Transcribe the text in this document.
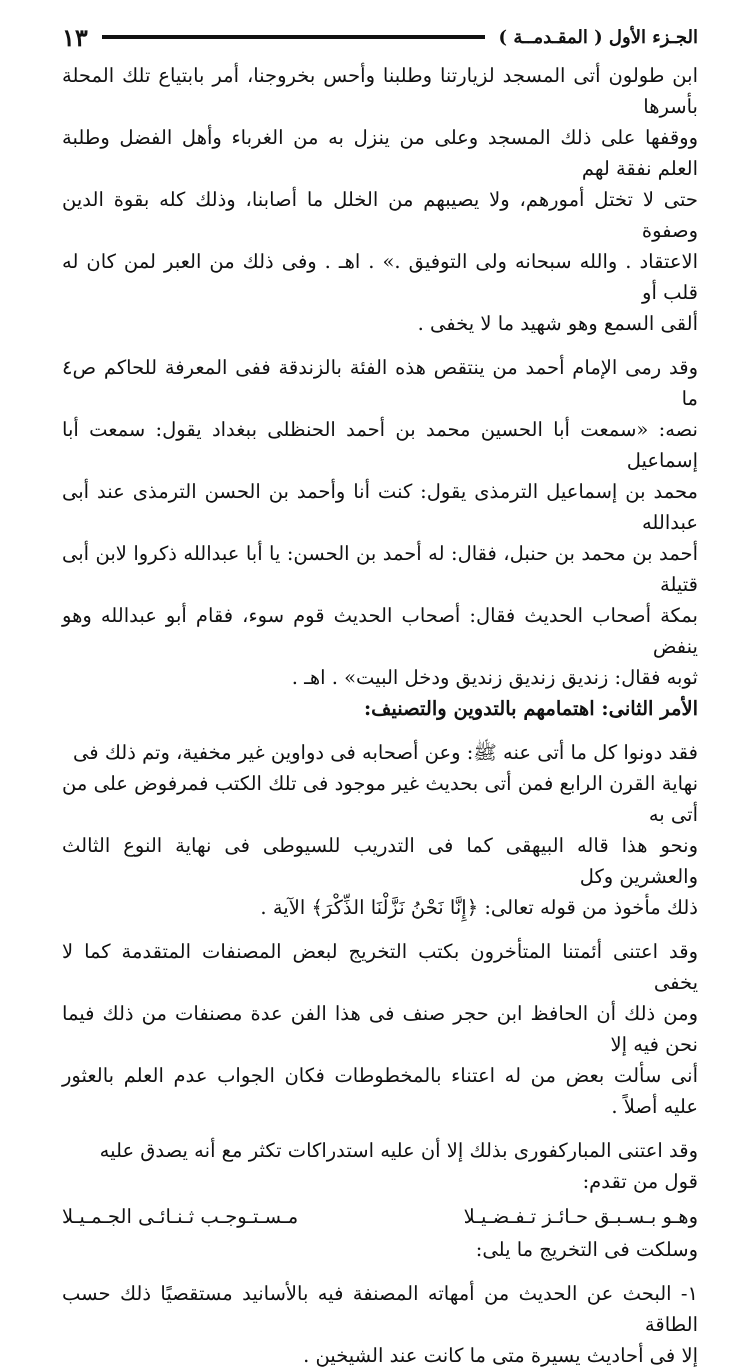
الجـزء الأول ( المقـدمــة )
١٣

ابن طولون أتى المسجد لزيارتنا وطلبنا وأحس بخروجنا، أمر بابتياع تلك المحلة بأسرها
ووقفها على ذلك المسجد وعلى من ينزل به من الغرباء وأهل الفضل وطلبة العلم نفقة لهم
حتى لا تختل أمورهم، ولا يصيبهم من الخلل ما أصابنا، وذلك كله بقوة الدين وصفوة
الاعتقاد . والله سبحانه ولى التوفيق .» . اهـ . وفى ذلك من العبر لمن كان له قلب أو
ألقى السمع وهو شهيد ما لا يخفى .

وقد رمى الإمام أحمد من ينتقص هذه الفئة بالزندقة ففى المعرفة للحاكم ص٤ ما
نصه: «سمعت أبا الحسين محمد بن أحمد الحنظلى ببغداد يقول: سمعت أبا إسماعيل
محمد بن إسماعيل الترمذى يقول: كنت أنا وأحمد بن الحسن الترمذى عند أبى عبدالله
أحمد بن محمد بن حنبل، فقال: له أحمد بن الحسن: يا أبا عبدالله ذكروا لابن أبى قتيلة
بمكة أصحاب الحديث فقال: أصحاب الحديث قوم سوء، فقام أبو عبدالله وهو ينفض
ثوبه فقال: زنديق زنديق زنديق ودخل البيت» . اهـ .

الأمر الثانى: اهتمامهم بالتدوين والتصنيف:

فقد دونوا كل ما أتى عنه ﷺ: وعن أصحابه فى دواوين غير مخفية، وتم ذلك فى
نهاية القرن الرابع فمن أتى بحديث غير موجود فى تلك الكتب فمرفوض على من أتى به
ونحو هذا قاله البيهقى كما فى التدريب للسيوطى فى نهاية النوع الثالث والعشرين وكل
ذلك مأخوذ من قوله تعالى: ﴿إِنَّا نَحْنُ نَزَّلْنَا الذِّكْرَ﴾ الآية .

وقد اعتنى أئمتنا المتأخرون بكتب التخريج لبعض المصنفات المتقدمة كما لا يخفى
ومن ذلك أن الحافظ ابن حجر صنف فى هذا الفن عدة مصنفات من ذلك فيما نحن فيه إلا
أنى سألت بعض من له اعتناء بالمخطوطات فكان الجواب عدم العلم بالعثور عليه أصلاً .

وقد اعتنى المباركفورى بذلك إلا أن عليه استدراكات تكثر مع أنه يصدق عليه
قول من تقدم:

وهـو بـسـبـق حـائـز تـفـضـيـلا
مـسـتـوجـب ثـنـائـى الجـمـيـلا

وسلكت فى التخريج ما يلى:

١- البحث عن الحديث من أمهاته المصنفة فيه بالأسانيد مستقصيًا ذلك حسب الطاقة
إلا فى أحاديث يسيرة متى ما كانت عند الشيخين .
